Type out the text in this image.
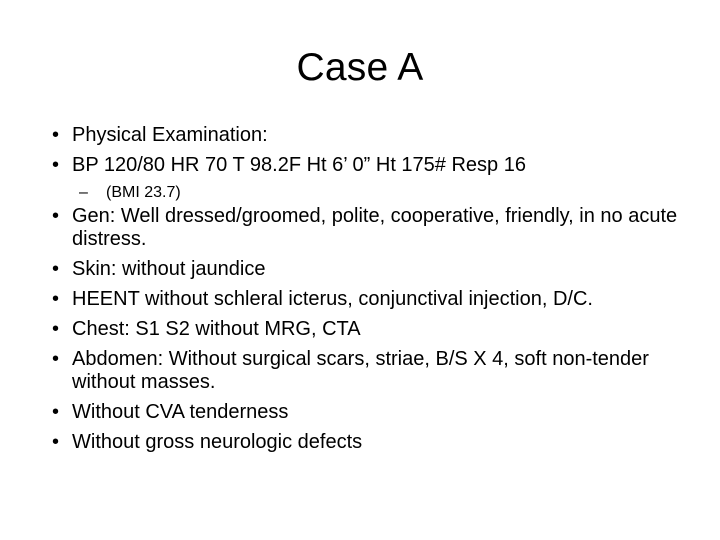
Case A
• Physical Examination:
• BP 120/80 HR 70 T 98.2F Ht 6’ 0” Ht 175# Resp 16
– (BMI 23.7)
• Gen: Well dressed/groomed, polite, cooperative, friendly, in no acute distress.
• Skin: without jaundice
• HEENT without schleral icterus, conjunctival injection, D/C.
• Chest: S1 S2 without MRG, CTA
• Abdomen: Without surgical scars, striae, B/S X 4, soft non-tender without masses.
• Without CVA tenderness
• Without gross neurologic defects
